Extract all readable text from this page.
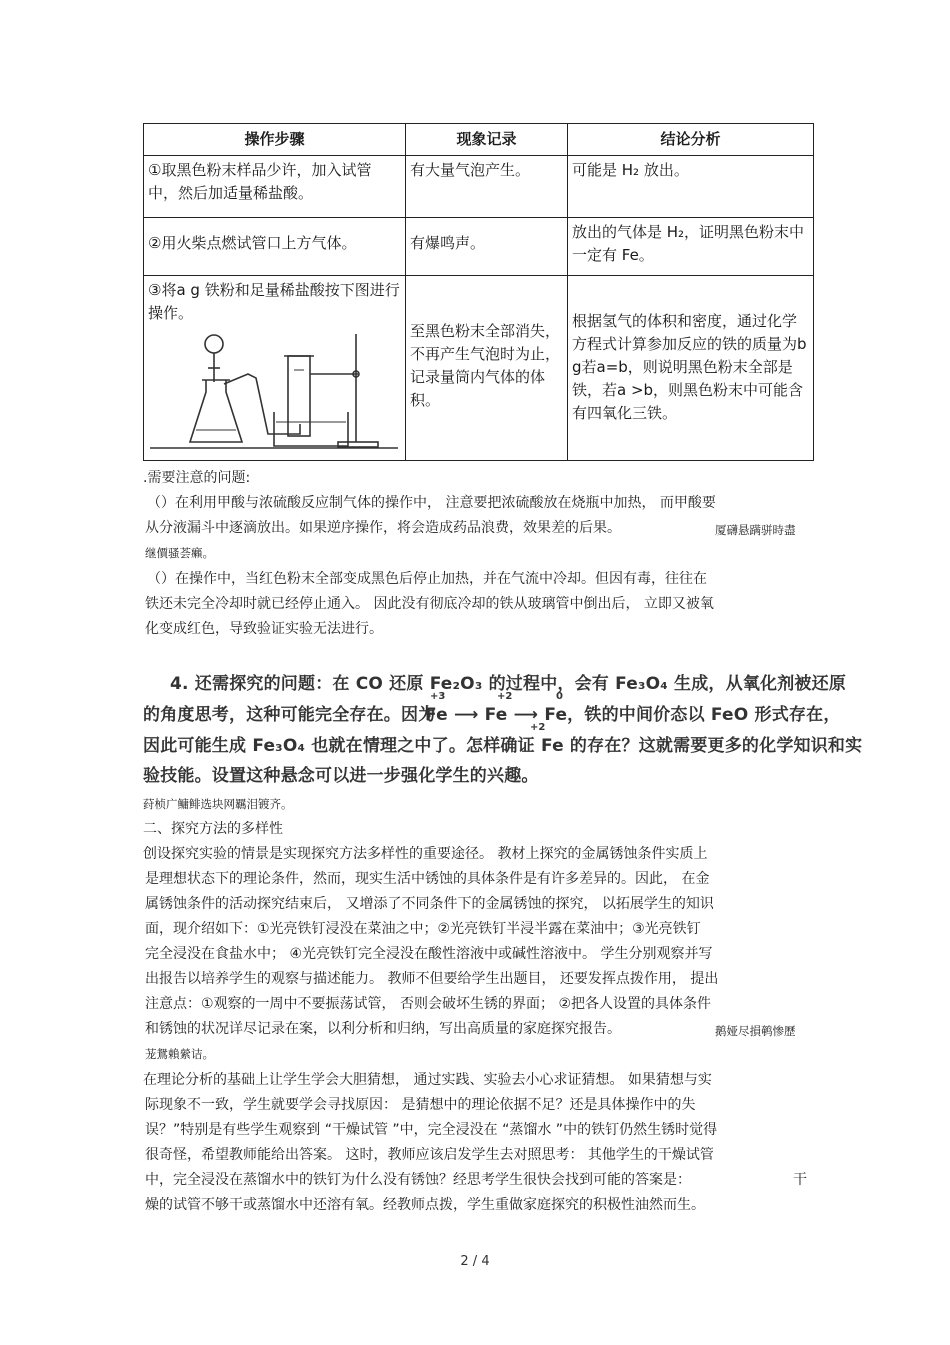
操作步骤	现象记录	结论分析
①取黑色粉末样品少许，加入试管中，然后加适量稀盐酸。	有大量气泡产生。	可能是 H₂ 放出。
②用火柴点燃试管口上方气体。	有爆鸣声。	放出的气体是 H₂，证明黑色粉末中一定有 Fe。

③将a g 铁粉和足量稀盐酸按下图进行操作。	至黑色粉末全部消失，不再产生气泡时为止，记录量筒内气体的体积。	根据氢气的体积和密度，通过化学方程式计算参加反应的铁的质量为b g若a=b，则说明黑色粉末全部是铁，若a >b，则黑色粉末中可能含有四氧化三铁。
.需要注意的问题:
（）在利用甲酸与浓硫酸反应制气体的操作中， 注意要把浓硫酸放在烧瓶中加热， 而甲酸要
从分液漏斗中逐滴放出。如果逆序操作，将会造成药品浪费，效果差的后果。	厦礴悬蹒骈時盡
继價骚荟癩。
（）在操作中，当红色粉末全部变成黑色后停止加热，并在气流中冷却。但因有毒，往往在
铁还未完全冷却时就已经停止通入。 因此没有彻底冷却的铁从玻璃管中倒出后， 立即又被氧
化变成红色，导致验证实验无法进行。
4. 还需探究的问题：在 CO 还原 Fe₂O₃ 的过程中，会有 Fe₃O₄ 生成，从氧化剂被还原
的角度思考，这种可能完全存在。因为
Fe ⟶ Fe ⟶ Fe，铁的中间价态以 FeO 形式存在，
+3	+2	0
+2
因此可能生成 Fe₃O₄ 也就在情理之中了。怎样确证 Fe 的存在？这就需要更多的化学知识和实
验技能。设置这种悬念可以进一步强化学生的兴趣。
荮桢广鳙鲱选块网羈泪镀齐。
二、探究方法的多样性
创设探究实验的情景是实现探究方法多样性的重要途径。 教材上探究的金属锈蚀条件实质上
是理想状态下的理论条件，然而，现实生活中锈蚀的具体条件是有许多差异的。因此， 在金
属锈蚀条件的活动探究结束后， 又增添了不同条件下的金属锈蚀的探究， 以拓展学生的知识
面，现介绍如下：①光亮铁钉浸没在菜油之中；②光亮铁钉半浸半露在菜油中；③光亮铁钉
完全浸没在食盐水中； ④光亮铁钉完全浸没在酸性溶液中或碱性溶液中。 学生分别观察并写
出报告以培养学生的观察与描述能力。 教师不但要给学生出题目， 还要发挥点拨作用， 提出
注意点：①观察的一周中不要振荡试管， 否则会破坏生锈的界面； ②把各人设置的具体条件
和锈蚀的状况详尽记录在案，以利分析和归纳，写出高质量的家庭探究报告。	鹅娅尽損鹌惨歷
茏鴛賴縈诘。
在理论分析的基础上让学生学会大胆猜想， 通过实践、实验去小心求证猜想。 如果猜想与实
际现象不一致，学生就要学会寻找原因： 是猜想中的理论依据不足？还是具体操作中的失
误？”特别是有些学生观察到 “干燥试管 ”中，完全浸没在 “蒸馏水 ”中的铁钉仍然生锈时觉得
很奇怪，希望教师能给出答案。 这时，教师应该启发学生去对照思考： 其他学生的干燥试管
中，完全浸没在蒸馏水中的铁钉为什么没有锈蚀？经思考学生很快会找到可能的答案是：	干
燥的试管不够干或蒸馏水中还溶有氧。经教师点拨，学生重做家庭探究的积极性油然而生。
2 / 4
